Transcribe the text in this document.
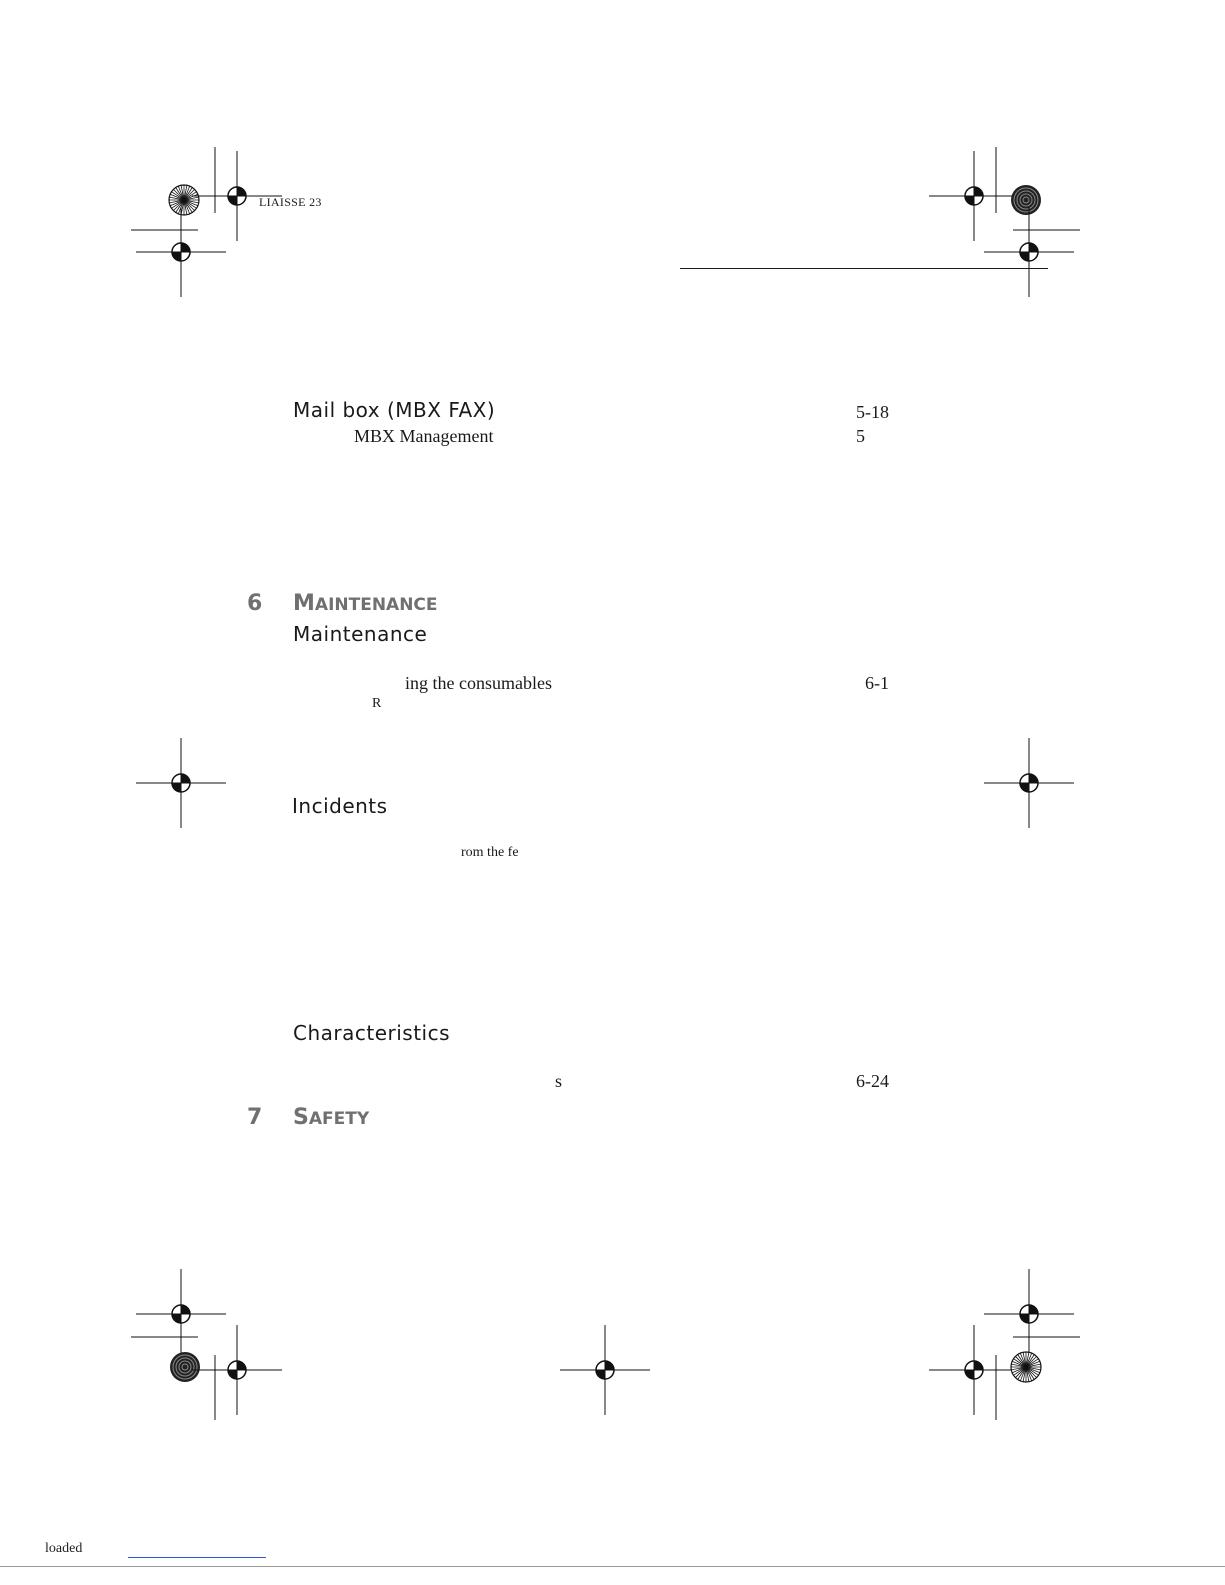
LIAISSE 23
Mail box (MBX FAX)	5-18
MBX Management	5
6 MAINTENANCE
Maintenance
ing the consumables	6-1
R
Incidents
rom the fe
Characteristics
s	6-24
7 SAFETY
loaded
